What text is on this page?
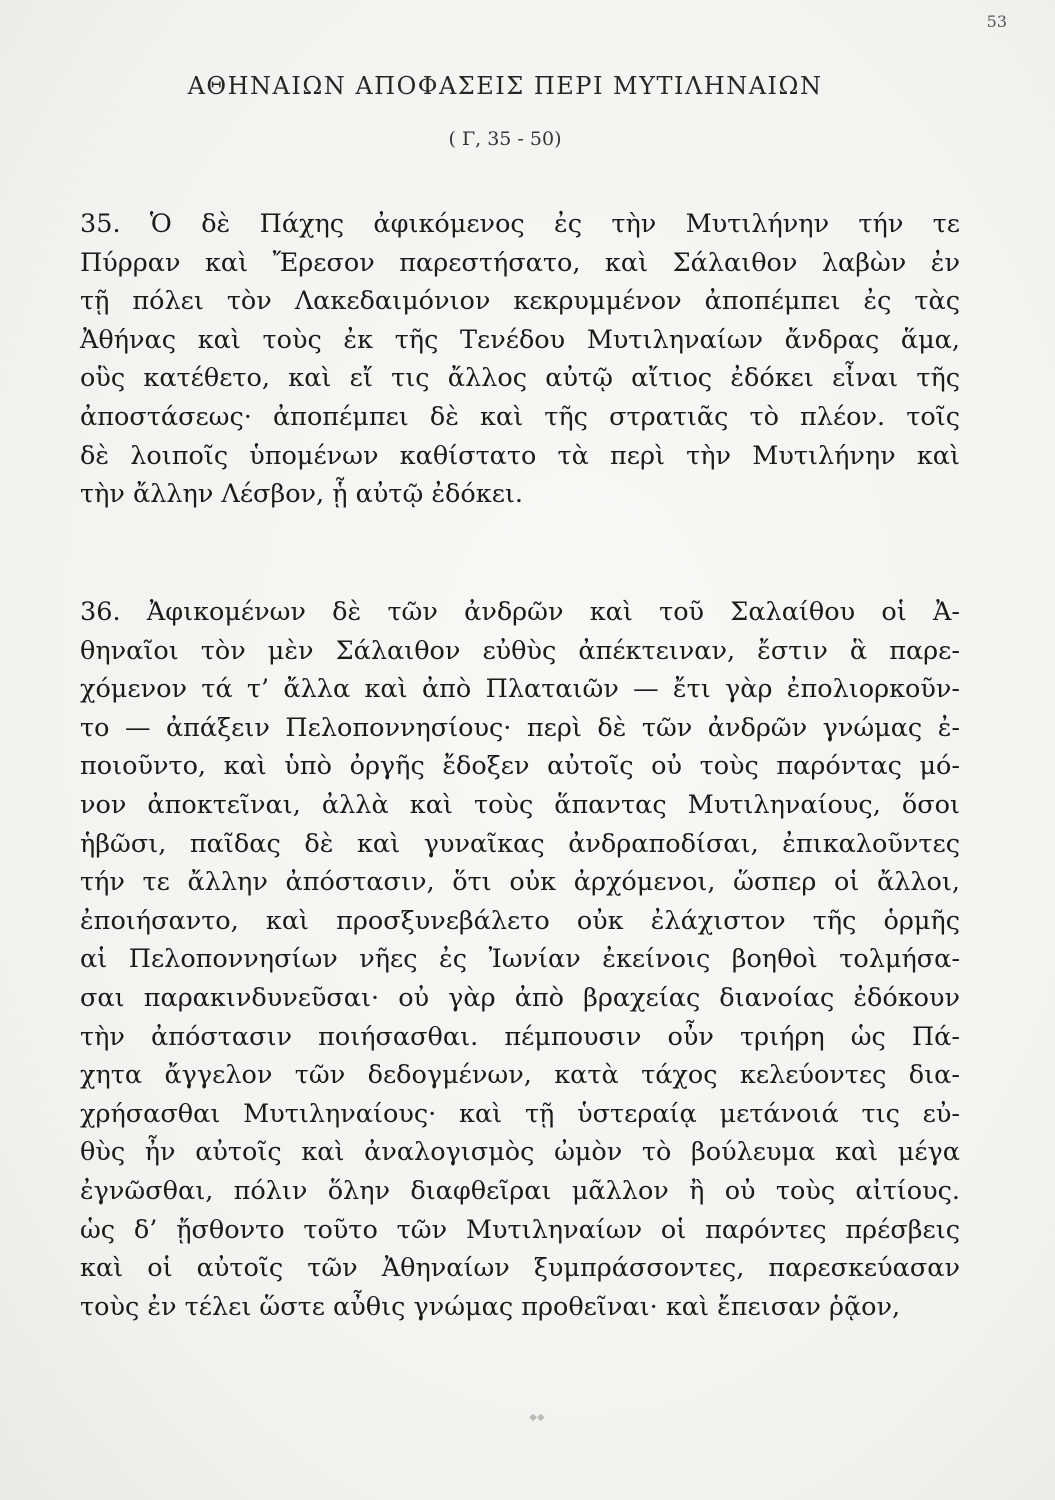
53
ΑΘΗΝΑΙΩΝ ΑΠΟΦΑΣΕΙΣ ΠΕΡΙ ΜΥΤΙΛΗΝΑΙΩΝ
( Γ, 35 - 50)
35. Ὁ δὲ Πάχης ἀφικόμενος ἐς τὴν Μυτιλήνην τήν τε
Πύρραν καὶ Ἔρεσον παρεστήσατο, καὶ Σάλαιθον λαβὼν ἐν
τῇ πόλει τὸν Λακεδαιμόνιον κεκρυμμένον ἀποπέμπει ἐς τὰς
Ἀθήνας καὶ τοὺς ἐκ τῆς Τενέδου Μυτιληναίων ἄνδρας ἅμα,
οὓς κατέθετο, καὶ εἴ τις ἄλλος αὐτῷ αἴτιος ἐδόκει εἶναι τῆς
ἀποστάσεως· ἀποπέμπει δὲ καὶ τῆς στρατιᾶς τὸ πλέον. τοῖς
δὲ λοιποῖς ὑπομένων καθίστατο τὰ περὶ τὴν Μυτιλήνην καὶ
τὴν ἄλλην Λέσβον, ᾗ αὐτῷ ἐδόκει.
36. Ἀφικομένων δὲ τῶν ἀνδρῶν καὶ τοῦ Σαλαίθου οἱ Ἀ-
θηναῖοι τὸν μὲν Σάλαιθον εὐθὺς ἀπέκτειναν, ἔστιν ἃ παρε-
χόμενον τά τ’ ἄλλα καὶ ἀπὸ Πλαταιῶν — ἔτι γὰρ ἐπολιορκοῦν-
το — ἀπάξειν Πελοποννησίους· περὶ δὲ τῶν ἀνδρῶν γνώμας ἐ-
ποιοῦντο, καὶ ὑπὸ ὀργῆς ἔδοξεν αὐτοῖς οὐ τοὺς παρόντας μό-
νον ἀποκτεῖναι, ἀλλὰ καὶ τοὺς ἅπαντας Μυτιληναίους, ὅσοι
ἡβῶσι, παῖδας δὲ καὶ γυναῖκας ἀνδραποδίσαι, ἐπικαλοῦντες
τήν τε ἄλλην ἀπόστασιν, ὅτι οὐκ ἀρχόμενοι, ὥσπερ οἱ ἄλλοι,
ἐποιήσαντο, καὶ προσξυνεβάλετο οὐκ ἐλάχιστον τῆς ὁρμῆς
αἱ Πελοποννησίων νῆες ἐς Ἰωνίαν ἐκείνοις βοηθοὶ τολμήσα-
σαι παρακινδυνεῦσαι· οὐ γὰρ ἀπὸ βραχείας διανοίας ἐδόκουν
τὴν ἀπόστασιν ποιήσασθαι. πέμπουσιν οὖν τριήρη ὡς Πά-
χητα ἄγγελον τῶν δεδογμένων, κατὰ τάχος κελεύοντες δια-
χρήσασθαι Μυτιληναίους· καὶ τῇ ὑστεραίᾳ μετάνοιά τις εὐ-
θὺς ἦν αὐτοῖς καὶ ἀναλογισμὸς ὠμὸν τὸ βούλευμα καὶ μέγα
ἐγνῶσθαι, πόλιν ὅλην διαφθεῖραι μᾶλλον ἢ οὐ τοὺς αἰτίους.
ὡς δ’ ᾔσθοντο τοῦτο τῶν Μυτιληναίων οἱ παρόντες πρέσβεις
καὶ οἱ αὐτοῖς τῶν Ἀθηναίων ξυμπράσσοντες, παρεσκεύασαν
τοὺς ἐν τέλει ὥστε αὖθις γνώμας προθεῖναι· καὶ ἔπεισαν ῥᾷον,
◆◆
